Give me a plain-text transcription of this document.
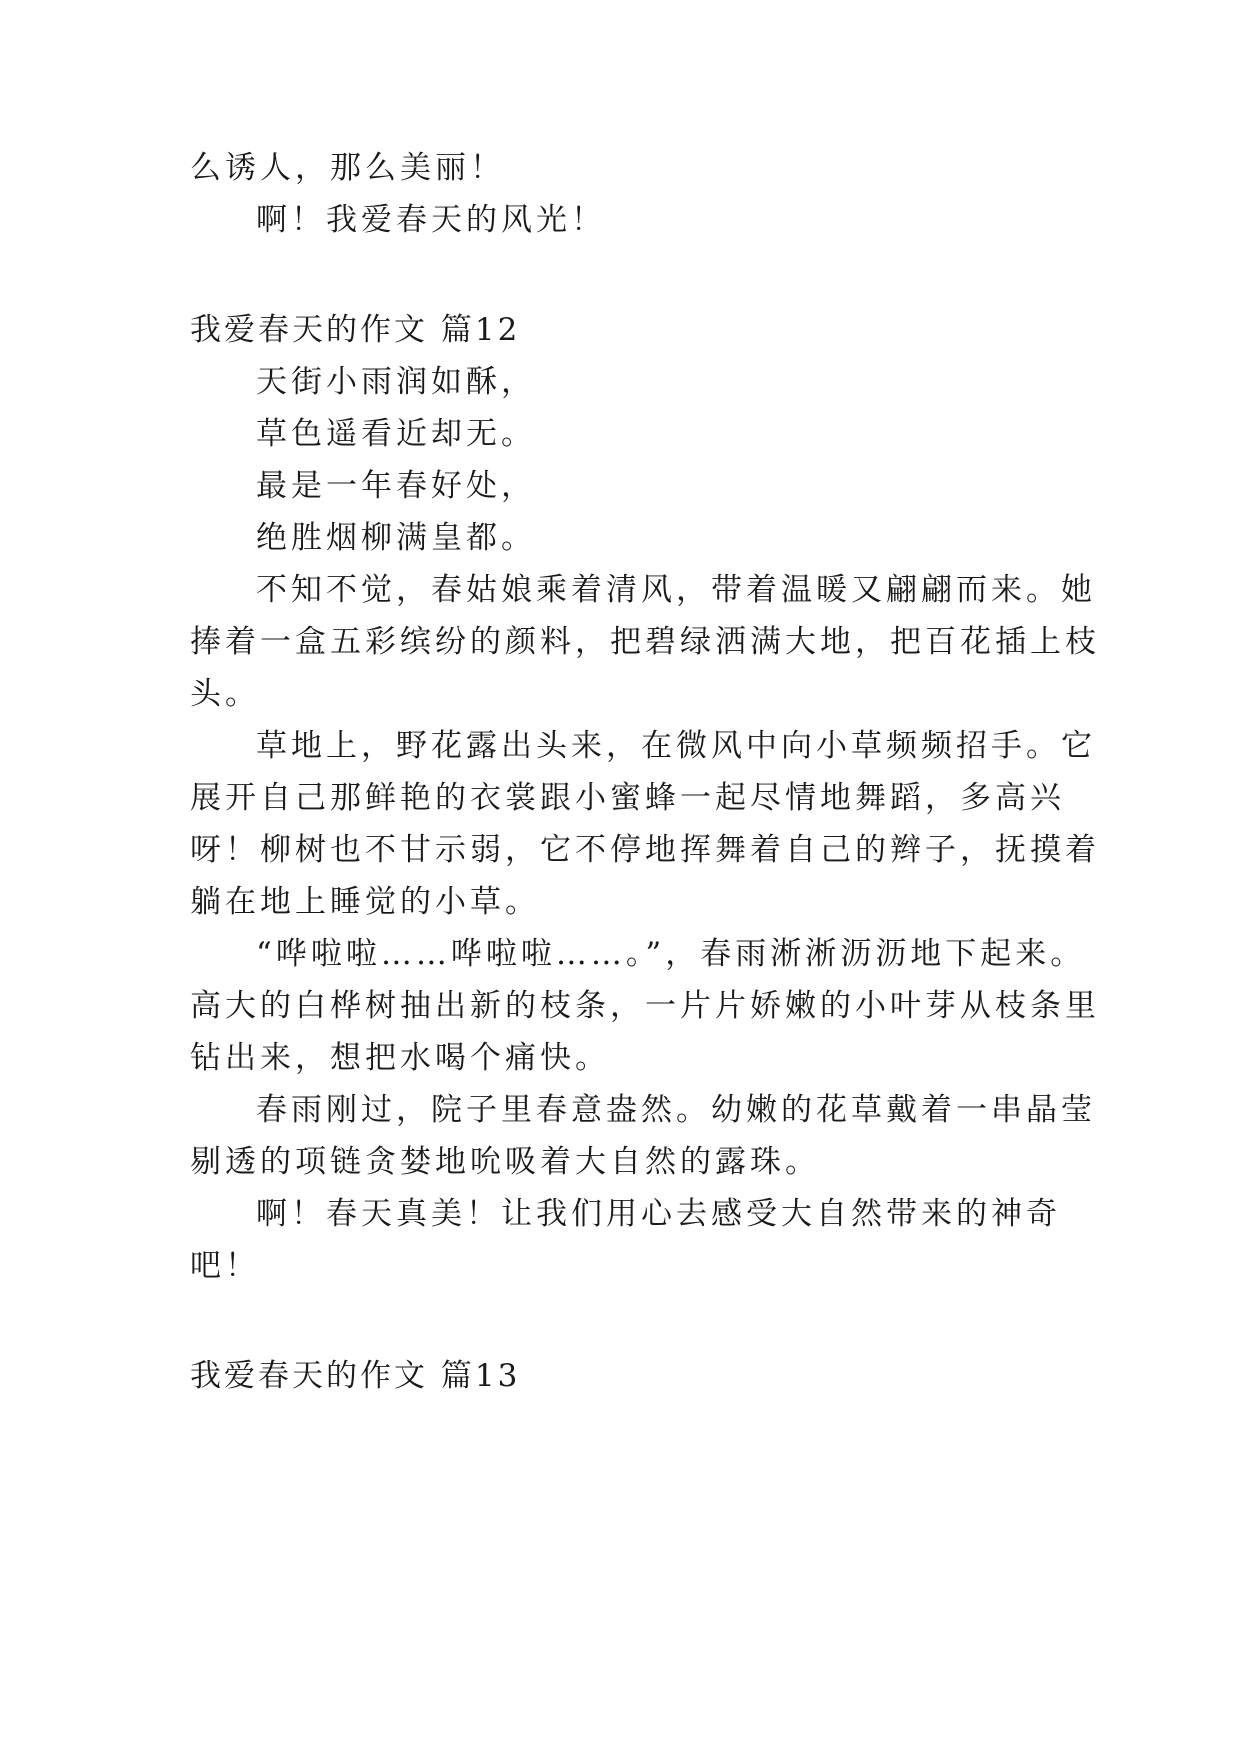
么诱人，那么美丽！
啊！我爱春天的风光！
我爱春天的作文 篇12
天街小雨润如酥，
草色遥看近却无。
最是一年春好处，
绝胜烟柳满皇都。
不知不觉，春姑娘乘着清风，带着温暖又翩翩而来。她
捧着一盒五彩缤纷的颜料，把碧绿洒满大地，把百花插上枝
头。
草地上，野花露出头来，在微风中向小草频频招手。它
展开自己那鲜艳的衣裳跟小蜜蜂一起尽情地舞蹈，多高兴
呀！柳树也不甘示弱，它不停地挥舞着自己的辫子，抚摸着
躺在地上睡觉的小草。
“哗啦啦……哗啦啦……。”，春雨淅淅沥沥地下起来。
高大的白桦树抽出新的枝条，一片片娇嫩的小叶芽从枝条里
钻出来，想把水喝个痛快。
春雨刚过，院子里春意盎然。幼嫩的花草戴着一串晶莹
剔透的项链贪婪地吮吸着大自然的露珠。
啊！春天真美！让我们用心去感受大自然带来的神奇
吧！
我爱春天的作文 篇13
